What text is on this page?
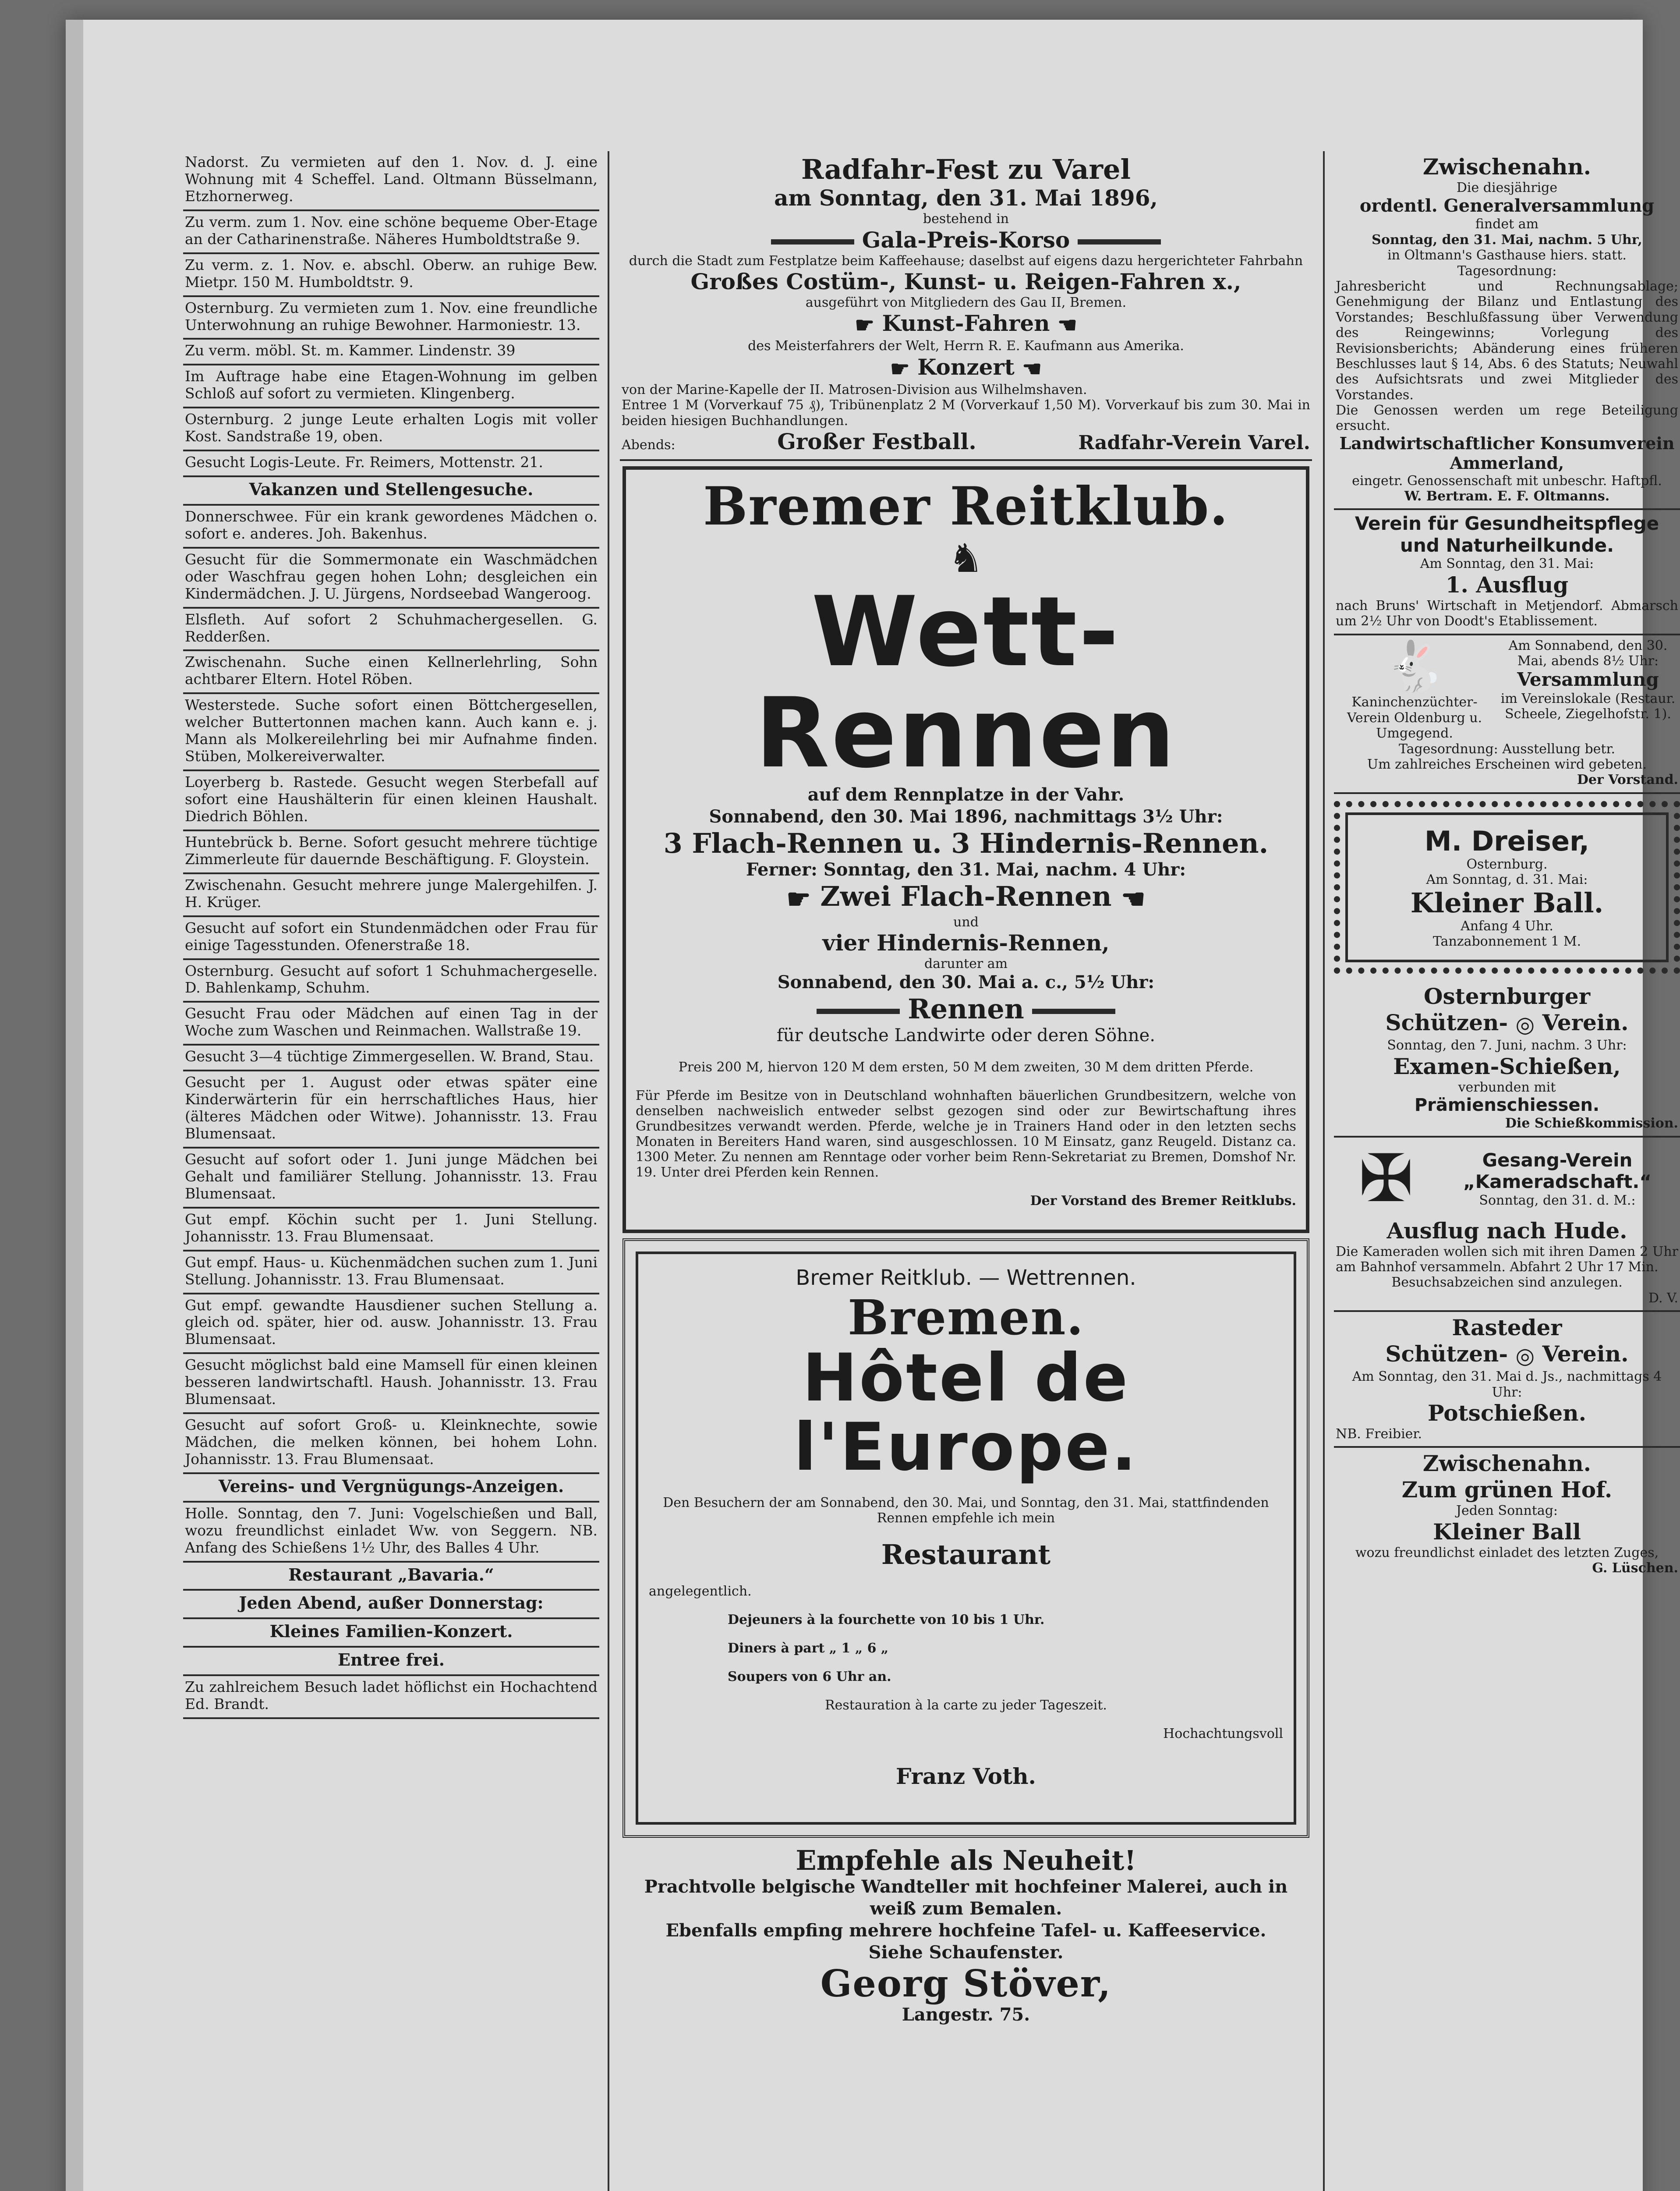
Nadorst. Zu vermieten auf den 1. Nov. d. J. eine Wohnung mit 4 Scheffel. Land. Oltmann Büsselmann, Etzhornerweg.
Zu verm. zum 1. Nov. eine schöne bequeme Ober-Etage an der Catharinenstraße. Näheres Humboldtstraße 9.
Zu verm. z. 1. Nov. e. abschl. Oberw. an ruhige Bew. Mietpr. 150 M. Humboldtstr. 9.
Osternburg. Zu vermieten zum 1. Nov. eine freundliche Unterwohnung an ruhige Bewohner. Harmoniestr. 13.
Zu verm. möbl. St. m. Kammer. Lindenstr. 39
Im Auftrage habe eine Etagen-Wohnung im gelben Schloß auf sofort zu vermieten. Klingenberg.
Osternburg. 2 junge Leute erhalten Logis mit voller Kost. Sandstraße 19, oben.
Gesucht Logis-Leute. Fr. Reimers, Mottenstr. 21.
Vakanzen und Stellengesuche.
Donnerschwee. Für ein krank gewordenes Mädchen o. sofort e. anderes. Joh. Bakenhus.
Gesucht für die Sommermonate ein Waschmädchen oder Waschfrau gegen hohen Lohn; desgleichen ein Kindermädchen. J. U. Jürgens, Nordseebad Wangeroog.
Elsfleth. Auf sofort 2 Schuhmachergesellen. G. Redderßen.
Zwischenahn. Suche einen Kellnerlehrling, Sohn achtbarer Eltern. Hotel Röben.
Westerstede. Suche sofort einen Böttchergesellen, welcher Buttertonnen machen kann. Auch kann e. j. Mann als Molkereilehrling bei mir Aufnahme finden. Stüben, Molkereiverwalter.
Loyerberg b. Rastede. Gesucht wegen Sterbefall auf sofort eine Haushälterin für einen kleinen Haushalt. Diedrich Böhlen.
Huntebrück b. Berne. Sofort gesucht mehrere tüchtige Zimmerleute für dauernde Beschäftigung. F. Gloystein.
Zwischenahn. Gesucht mehrere junge Malergehilfen. J. H. Krüger.
Gesucht auf sofort ein Stundenmädchen oder Frau für einige Tagesstunden. Ofenerstraße 18.
Osternburg. Gesucht auf sofort 1 Schuhmachergeselle. D. Bahlenkamp, Schuhm.
Gesucht Frau oder Mädchen auf einen Tag in der Woche zum Waschen und Reinmachen. Wallstraße 19.
Gesucht 3—4 tüchtige Zimmergesellen. W. Brand, Stau.
Gesucht per 1. August oder etwas später eine Kinderwärterin für ein herrschaftliches Haus, hier (älteres Mädchen oder Witwe). Johannisstr. 13. Frau Blumensaat.
Gesucht auf sofort oder 1. Juni junge Mädchen bei Gehalt und familiärer Stellung. Johannisstr. 13. Frau Blumensaat.
Gut empf. Köchin sucht per 1. Juni Stellung. Johannisstr. 13. Frau Blumensaat.
Gut empf. Haus- u. Küchenmädchen suchen zum 1. Juni Stellung. Johannisstr. 13. Frau Blumensaat.
Gut empf. gewandte Hausdiener suchen Stellung a. gleich od. später, hier od. ausw. Johannisstr. 13. Frau Blumensaat.
Gesucht möglichst bald eine Mamsell für einen kleinen besseren landwirtschaftl. Haush. Johannisstr. 13. Frau Blumensaat.
Gesucht auf sofort Groß- u. Kleinknechte, sowie Mädchen, die melken können, bei hohem Lohn. Johannisstr. 13. Frau Blumensaat.
Vereins- und Vergnügungs-Anzeigen.
Holle. Sonntag, den 7. Juni: Vogelschießen und Ball, wozu freundlichst einladet Ww. von Seggern. NB. Anfang des Schießens 1½ Uhr, des Balles 4 Uhr.
Restaurant „Bavaria.“
Jeden Abend, außer Donnerstag:
Kleines Familien-Konzert.
Entree frei.
Zu zahlreichem Besuch ladet höflichst ein Hochachtend Ed. Brandt.
Radfahr-Fest zu Varel
am Sonntag, den 31. Mai 1896,
bestehend in
Gala-Preis-Korso

durch die Stadt zum Festplatze beim Kaffeehause; daselbst auf eigens dazu hergerichteter Fahrbahn

Großes Costüm-, Kunst- u. Reigen-Fahren x.,
ausgeführt von Mitgliedern des Gau II, Bremen.
☛ Kunst-Fahren ☚
des Meisterfahrers der Welt, Herrn R. E. Kaufmann aus Amerika.
☛ Konzert ☚

von der Marine-Kapelle der II. Matrosen-Division aus Wilhelmshaven.

Entree 1 M (Vorverkauf 75 ₰), Tribünenplatz 2 M (Vorverkauf 1,50 M). Vorverkauf bis zum 30. Mai in beiden hiesigen Buchhandlungen.

Abends:	Großer Festball.	Radfahr-Verein Varel.
Bremer Reitklub.
♞
Wett-Rennen
auf dem Rennplatze in der Vahr.
Sonnabend, den 30. Mai 1896, nachmittags 3½ Uhr:
3 Flach-Rennen u. 3 Hindernis-Rennen.
Ferner: Sonntag, den 31. Mai, nachm. 4 Uhr:
☛ Zwei Flach-Rennen ☚
und
vier Hindernis-Rennen,
darunter am
Sonnabend, den 30. Mai a. c., 5½ Uhr:
Rennen
für deutsche Landwirte oder deren Söhne.

Preis 200 M, hiervon 120 M dem ersten, 50 M dem zweiten, 30 M dem dritten Pferde.

Für Pferde im Besitze von in Deutschland wohnhaften bäuerlichen Grundbesitzern, welche von denselben nachweislich entweder selbst gezogen sind oder zur Bewirtschaftung ihres Grundbesitzes verwandt werden. Pferde, welche je in Trainers Hand oder in den letzten sechs Monaten in Bereiters Hand waren, sind ausgeschlossen. 10 M Einsatz, ganz Reugeld. Distanz ca. 1300 Meter. Zu nennen am Renntage oder vorher beim Renn-Sekretariat zu Bremen, Domshof Nr. 19. Unter drei Pferden kein Rennen.

Der Vorstand des Bremer Reitklubs.

Bremer Reitklub. — Wettrennen.
Bremen.
Hôtel de l'Europe.

Den Besuchern der am Sonnabend, den 30. Mai, und Sonntag, den 31. Mai, stattfindenden Rennen empfehle ich mein

Restaurant

angelegentlich.

Dejeuners à la fourchette von 10 bis 1 Uhr.

Diners à part „ 1 „ 6 „

Soupers von 6 Uhr an.

Restauration à la carte zu jeder Tageszeit.

Hochachtungsvoll

Franz Voth.

Empfehle als Neuheit!

Prachtvolle belgische Wandteller mit hochfeiner Malerei, auch in weiß zum Bemalen.

Ebenfalls empfing mehrere hochfeine Tafel- u. Kaffeeservice.

Siehe Schaufenster.

Georg Stöver,

Langestr. 75.

Zwischenahn.
Die diesjährige
ordentl. Generalversammlung
findet am
Sonntag, den 31. Mai, nachm. 5 Uhr,
in Oltmann's Gasthause hiers. statt.
Tagesordnung:

Jahresbericht und Rechnungsablage; Genehmigung der Bilanz und Entlastung des Vorstandes; Beschlußfassung über Verwendung des Reingewinns; Vorlegung des Revisionsberichts; Abänderung eines früheren Beschlusses laut § 14, Abs. 6 des Statuts; Neuwahl des Aufsichtsrats und zwei Mitglieder des Vorstandes.

Die Genossen werden um rege Beteiligung ersucht.

Landwirtschaftlicher Konsumverein Ammerland,
eingetr. Genossenschaft mit unbeschr. Haftpfl.
W. Bertram. E. F. Oltmanns.
Verein für Gesundheitspflege und Naturheilkunde.
Am Sonntag, den 31. Mai:
1. Ausflug

nach Bruns' Wirtschaft in Metjendorf. Abmarsch um 2½ Uhr von Doodt's Etablissement.

🐇
Kaninchenzüchter-Verein Oldenburg u. Umgegend.
Am Sonnabend, den 30. Mai, abends 8½ Uhr:
Versammlung
im Vereinslokale (Restaur. Scheele, Ziegelhofstr. 1).
Tagesordnung: Ausstellung betr.
Um zahlreiches Erscheinen wird gebeten.
Der Vorstand.
M. Dreiser,
Osternburg.
Am Sonntag, d. 31. Mai:
Kleiner Ball.
Anfang 4 Uhr.
Tanzabonnement 1 M.
Osternburger
Schützen- ◎ Verein.
Sonntag, den 7. Juni, nachm. 3 Uhr:
Examen-Schießen,
verbunden mit
Prämienschiessen.
Die Schießkommission.
✠	Gesang-Verein
„Kameradschaft.“
Sonntag, den 31. d. M.:
Ausflug nach Hude.

Die Kameraden wollen sich mit ihren Damen 2 Uhr am Bahnhof versammeln. Abfahrt 2 Uhr 17 Min.

Besuchsabzeichen sind anzulegen.

D. V.

Rasteder
Schützen- ◎ Verein.
Am Sonntag, den 31. Mai d. Js., nachmittags 4 Uhr:
Potschießen.
NB. Freibier.
Zwischenahn.
Zum grünen Hof.
Jeden Sonntag:
Kleiner Ball
wozu freundlichst einladet des letzten Zuges,
G. Lüschen.
